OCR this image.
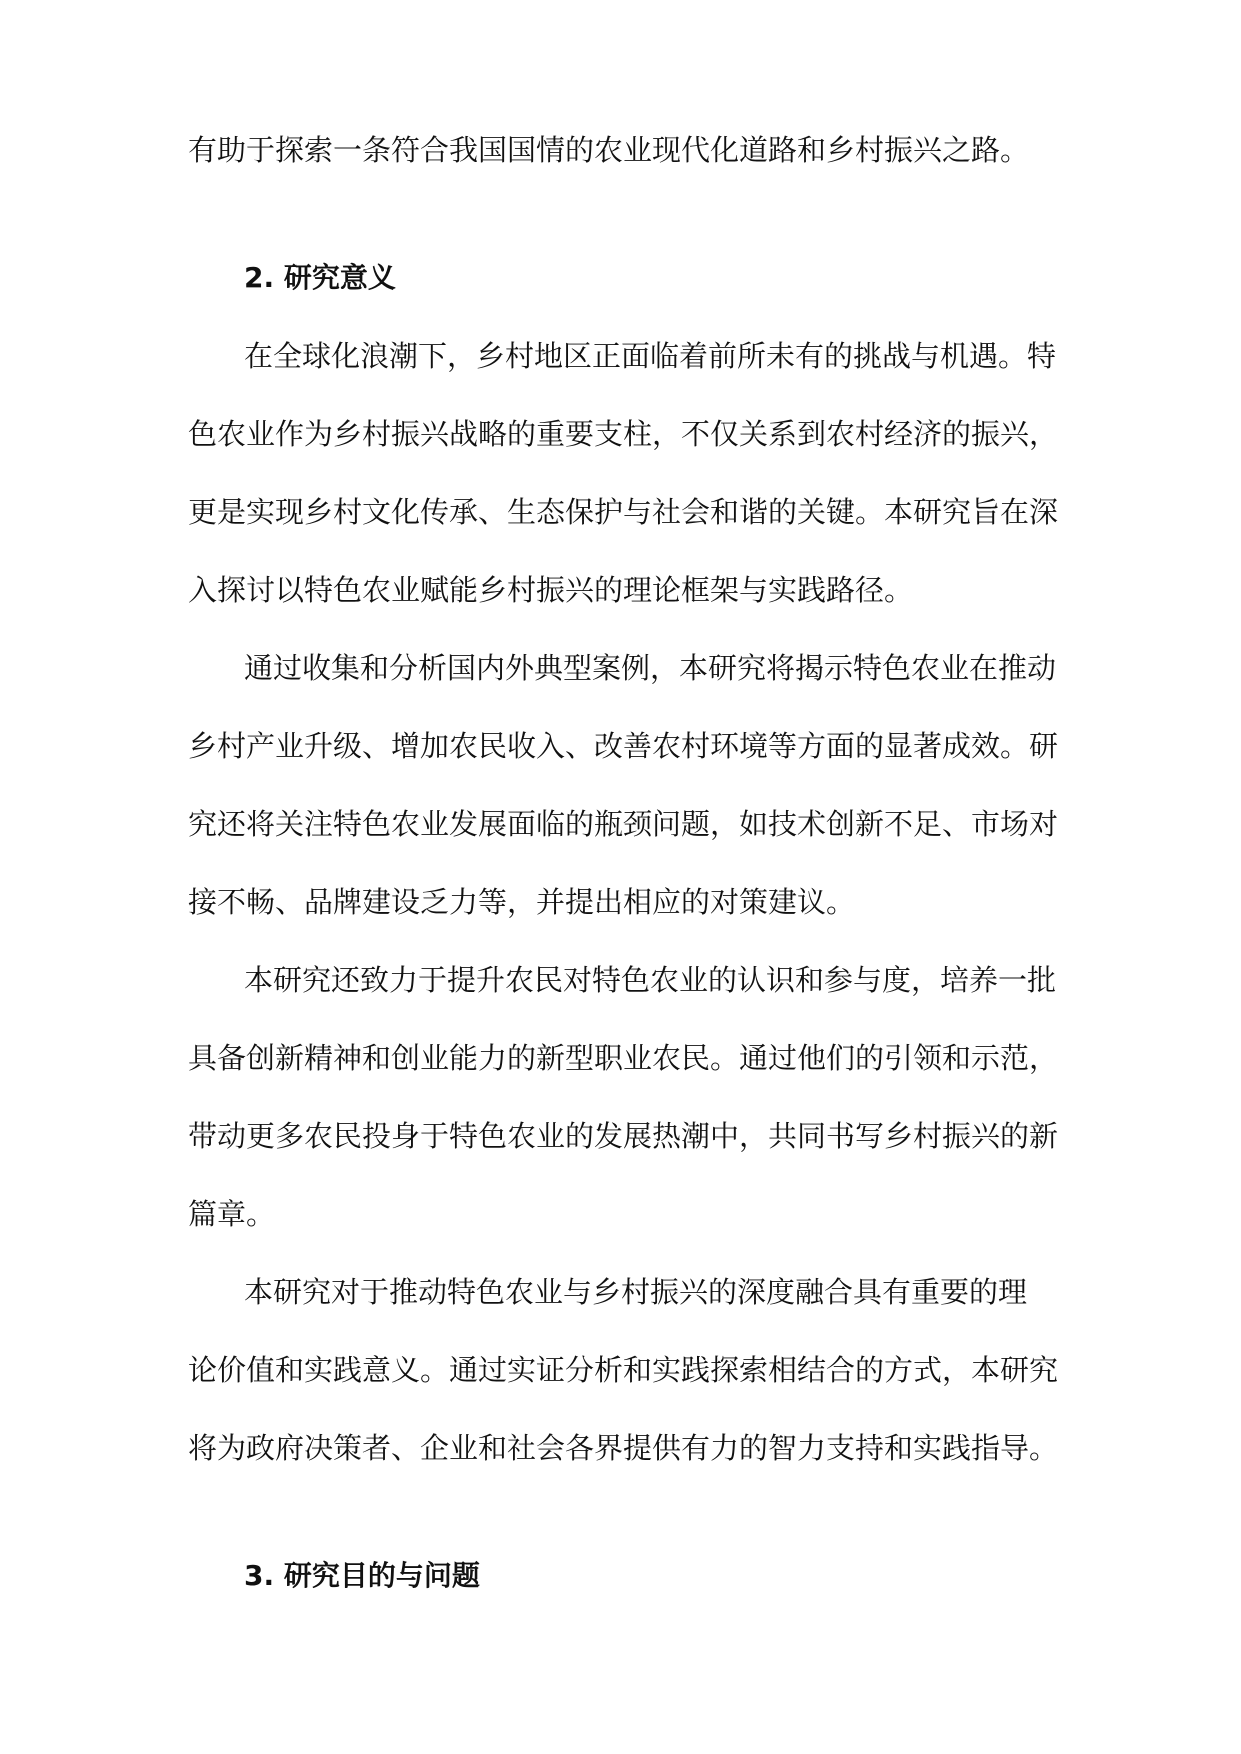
有助于探索一条符合我国国情的农业现代化道路和乡村振兴之路。
2. 研究意义
在全球化浪潮下，乡村地区正面临着前所未有的挑战与机遇。特
色农业作为乡村振兴战略的重要支柱，不仅关系到农村经济的振兴，
更是实现乡村文化传承、生态保护与社会和谐的关键。本研究旨在深
入探讨以特色农业赋能乡村振兴的理论框架与实践路径。
通过收集和分析国内外典型案例，本研究将揭示特色农业在推动
乡村产业升级、增加农民收入、改善农村环境等方面的显著成效。研
究还将关注特色农业发展面临的瓶颈问题，如技术创新不足、市场对
接不畅、品牌建设乏力等，并提出相应的对策建议。
本研究还致力于提升农民对特色农业的认识和参与度，培养一批
具备创新精神和创业能力的新型职业农民。通过他们的引领和示范，
带动更多农民投身于特色农业的发展热潮中，共同书写乡村振兴的新
篇章。
本研究对于推动特色农业与乡村振兴的深度融合具有重要的理
论价值和实践意义。通过实证分析和实践探索相结合的方式，本研究
将为政府决策者、企业和社会各界提供有力的智力支持和实践指导。
3. 研究目的与问题
